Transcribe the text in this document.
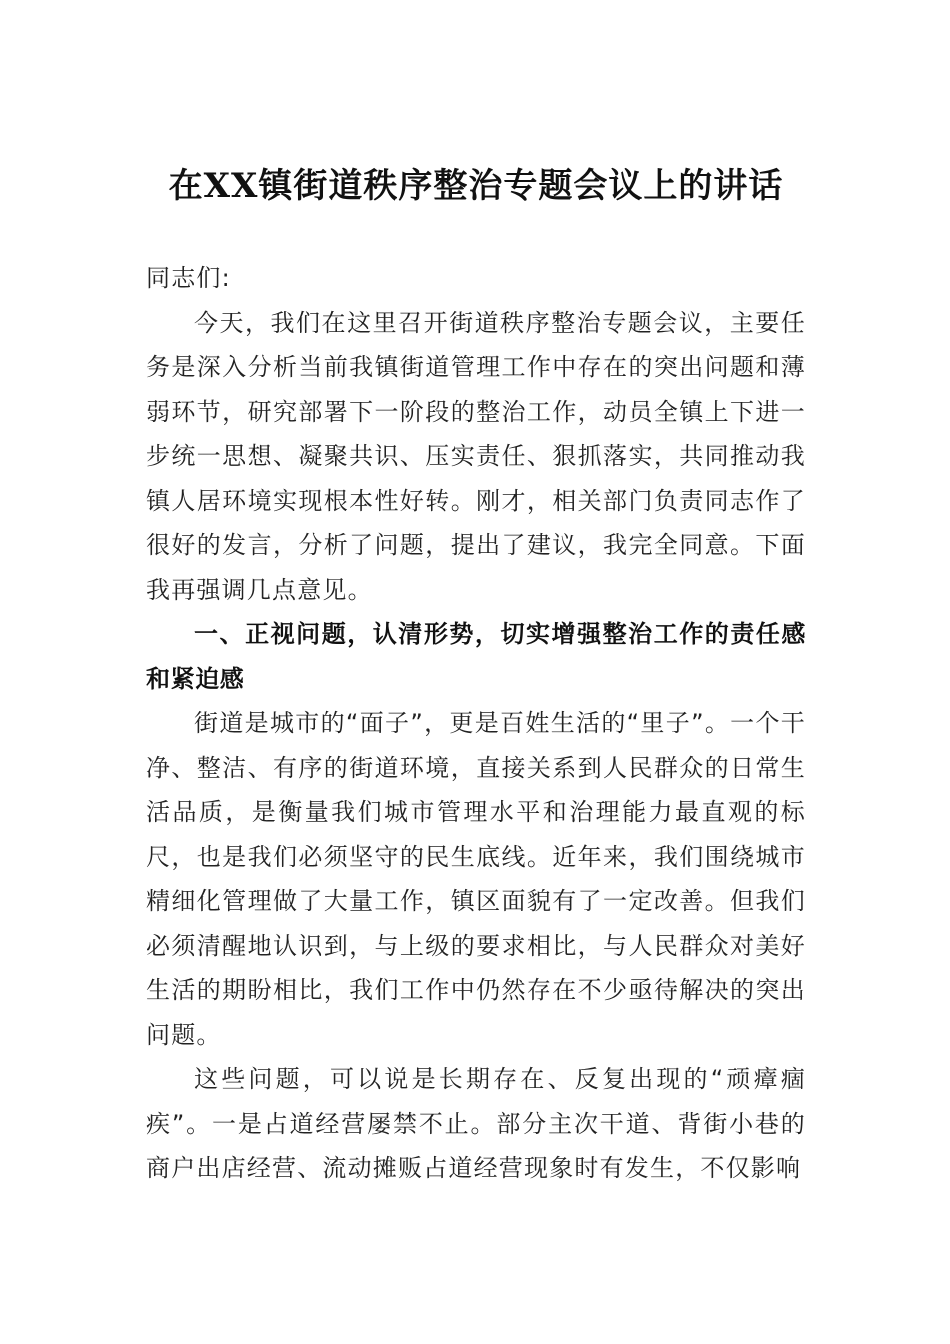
在XX镇街道秩序整治专题会议上的讲话

同志们:

今天，我们在这里召开街道秩序整治专题会议，主要任务是深入分析当前我镇街道管理工作中存在的突出问题和薄弱环节，研究部署下一阶段的整治工作，动员全镇上下进一步统一思想、凝聚共识、压实责任、狠抓落实，共同推动我镇人居环境实现根本性好转。刚才，相关部门负责同志作了很好的发言，分析了问题，提出了建议，我完全同意。下面我再强调几点意见。

一、正视问题，认清形势，切实增强整治工作的责任感和紧迫感

街道是城市的“面子”，更是百姓生活的“里子”。一个干净、整洁、有序的街道环境，直接关系到人民群众的日常生活品质，是衡量我们城市管理水平和治理能力最直观的标尺，也是我们必须坚守的民生底线。近年来，我们围绕城市精细化管理做了大量工作，镇区面貌有了一定改善。但我们必须清醒地认识到，与上级的要求相比，与人民群众对美好生活的期盼相比，我们工作中仍然存在不少亟待解决的突出问题。

这些问题，可以说是长期存在、反复出现的“顽瘴痼疾”。一是占道经营屡禁不止。部分主次干道、背街小巷的商户出店经营、流动摊贩占道经营现象时有发生，不仅影响
